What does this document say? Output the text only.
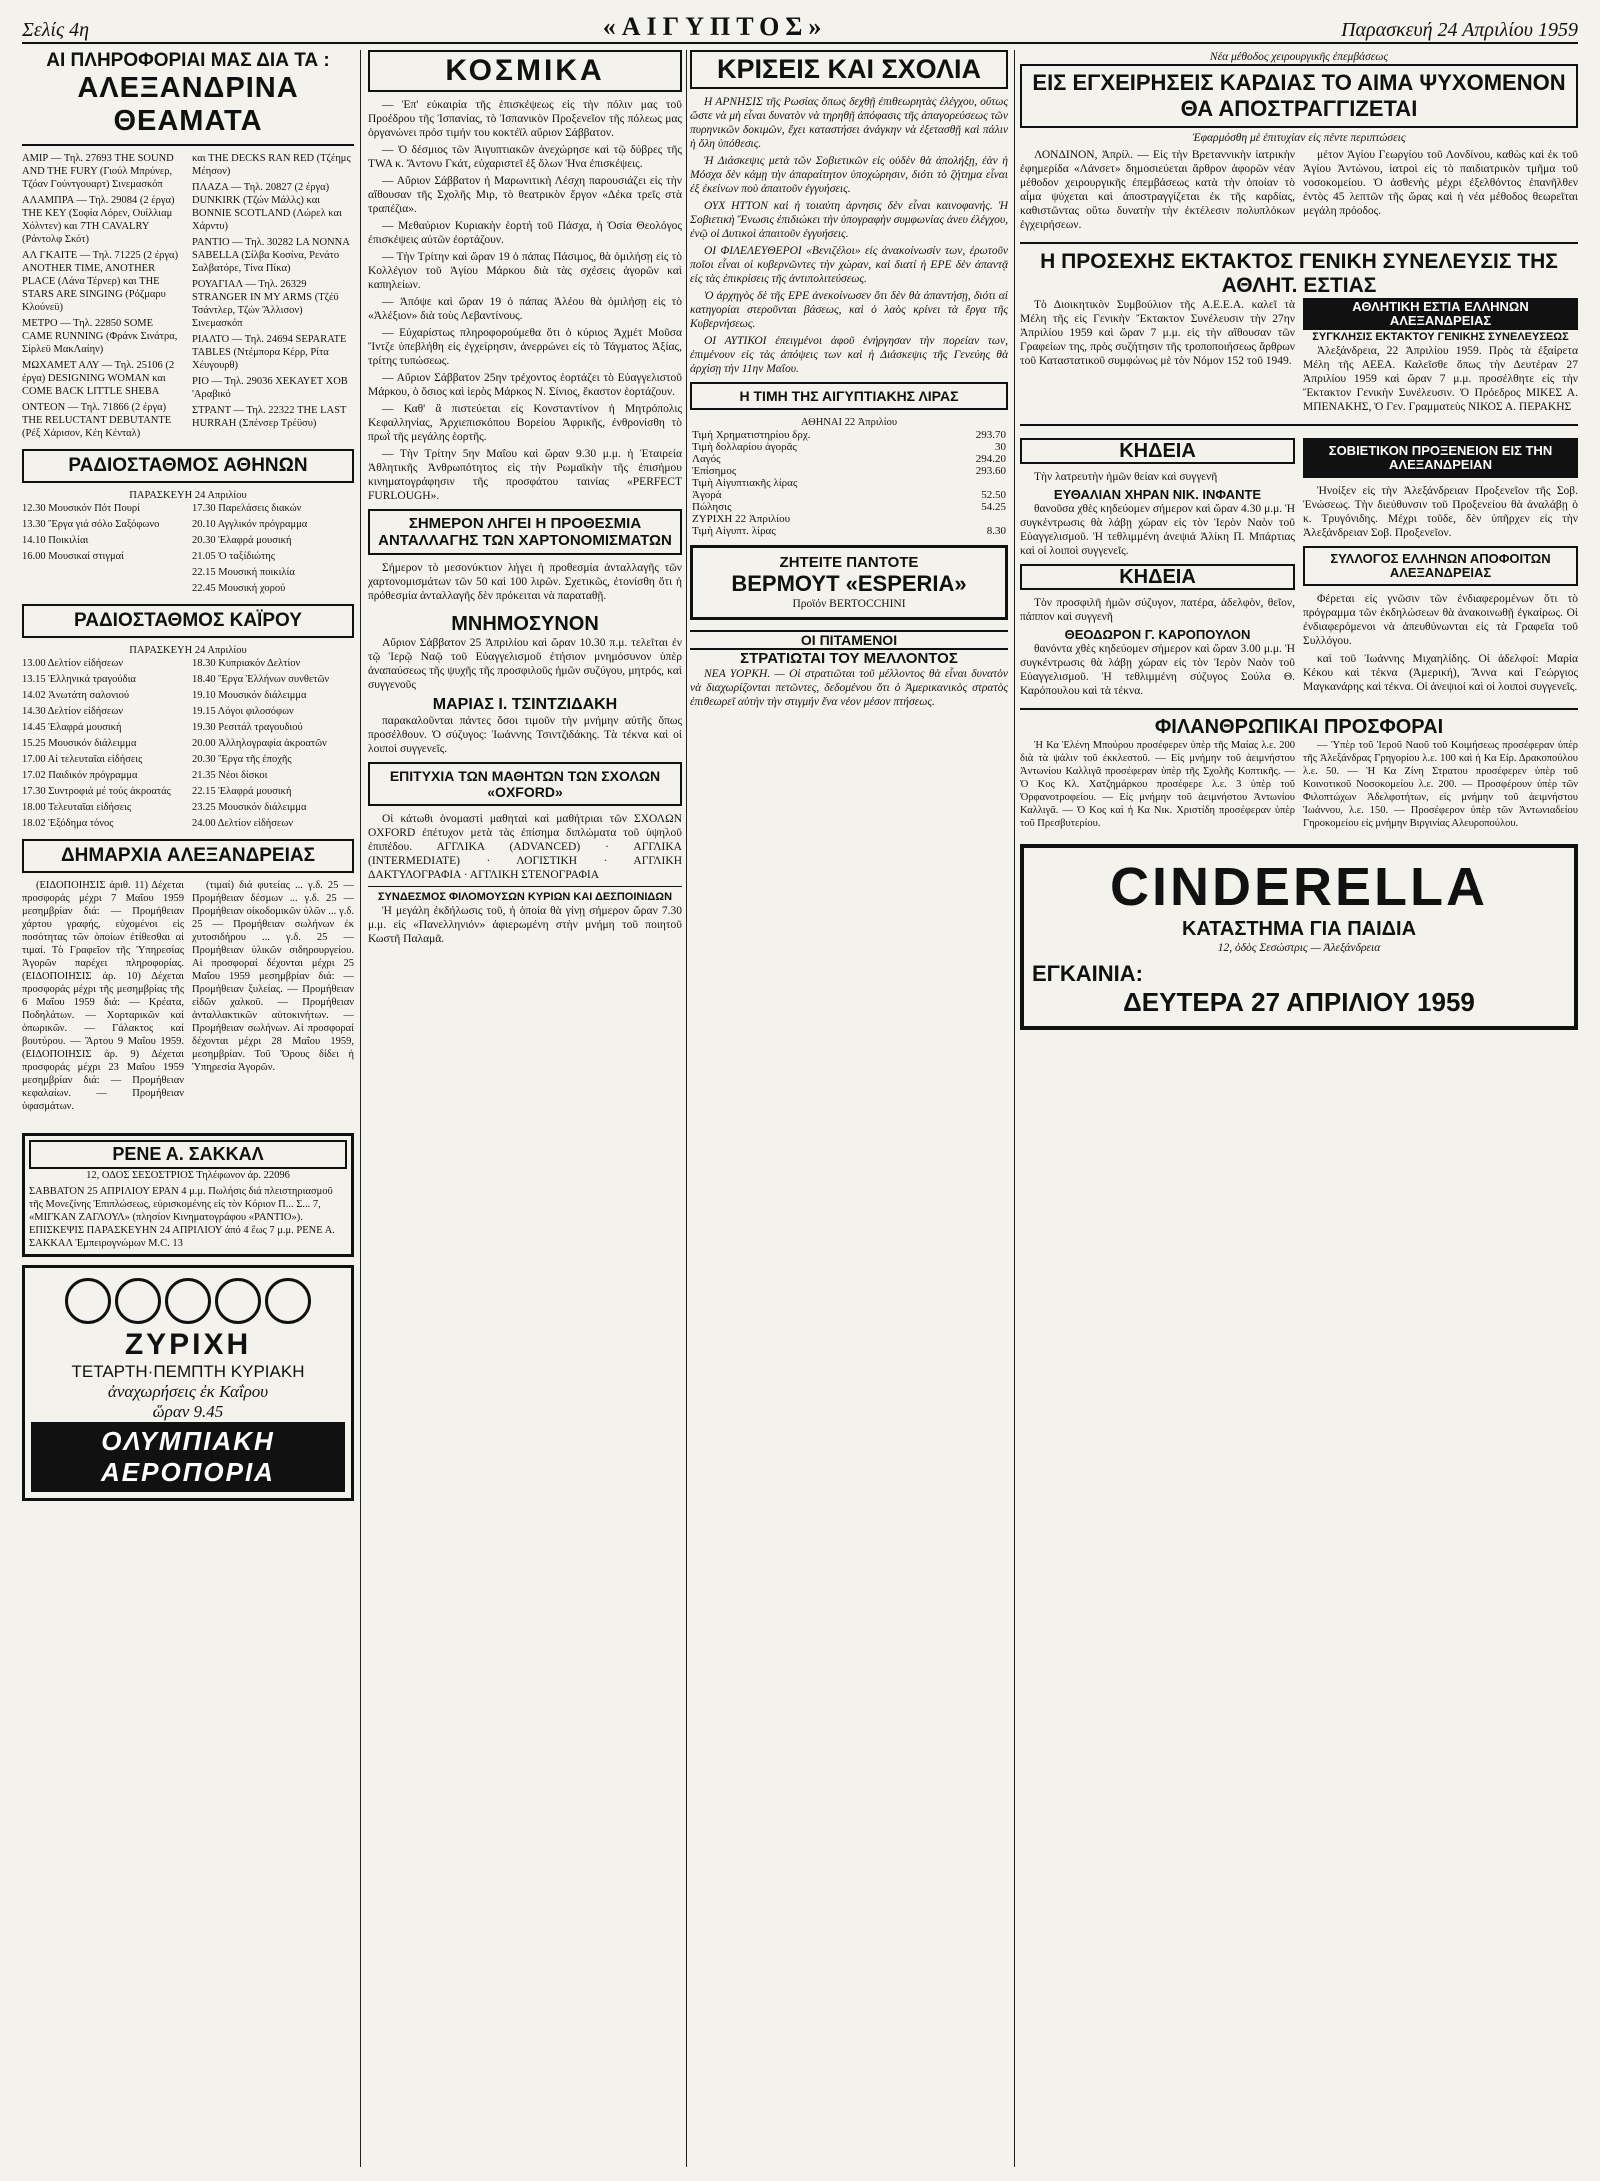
Σελίς 4η	«ΑΙΓΥΠΤΟΣ»	Παρασκευή 24 Απριλίου 1959
ΑΙ ΠΛΗΡΟΦΟΡΙΑΙ ΜΑΣ ΔΙΑ ΤΑ :
ΑΛΕΞΑΝΔΡΙΝΑ ΘΕΑΜΑΤΑ
ΑΜΙΡ — Τηλ. 27693 THE SOUND AND THE FURY (Γιούλ Μπρύνερ, Τζόαν Γούντγουαρτ) Σινεμασκόπ
ΑΛΑΜΠΡΑ — Τηλ. 29084 (2 έργα) THE KEY (Σοφία Λόρεν, Ουίλλιαμ Χόλντεν) και 7TH CAVALRY (Ράντολφ Σκότ)
ΑΛ ΓΚΑΙΤΕ — Τηλ. 71225 (2 έργα) ANOTHER TIME, ANOTHER PLACE (Λάνα Τέρνερ) και THE STARS ARE SINGING (Ρόζμαρυ Κλούνεϋ)
ΜΕΤΡΟ — Τηλ. 22850 SOME CAME RUNNING (Φράνκ Σινάτρα, Σίρλεϋ ΜακΛαίην)
ΜΩΧΑΜΕΤ ΑΛΥ — Τηλ. 25106 (2 έργα) DESIGNING WOMAN και COME BACK LITTLE SHEBA
ΟΝΤΕΟΝ — Τηλ. 71866 (2 έργα) THE RELUCTANT DEBUTANTE (Ρέξ Χάρισον, Κέη Κένταλ)
και THE DECKS RAN RED (Τζέημς Μέησον)
ΠΛΑΖΑ — Τηλ. 20827 (2 έργα) DUNKIRK (Τζών Μάλλς) και BONNIE SCOTLAND (Λώρελ και Χάρντυ)
ΡΑΝΤΙΟ — Τηλ. 30282 LA NONNA SABELLA (Σίλβα Κοσίνα, Ρενάτο Σαλβατόρε, Τίνα Πίκα)
ΡΟΥΑΓΙΑΛ — Τηλ. 26329 STRANGER IN MY ARMS (Τζέϋ Τσάντλερ, Τζών Ἄλλισον) Σινεμασκόπ
ΡΙΑΛΤΟ — Τηλ. 24694 SEPARATE TABLES (Ντέμπορα Κέρρ, Ρίτα Χέυγουρθ)
ΡΙΟ — Τηλ. 29036 ΧΕΚΑΥΕΤ ΧΟΒ 'Αραβικό
ΣΤΡΑΝΤ — Τηλ. 22322 THE LAST HURRAH (Σπένσερ Τρέϋσυ)
ΡΑΔΙΟΣΤΑΘΜΟΣ ΑΘΗΝΩΝ
ΠΑΡΑΣΚΕΥΗ 24 Απριλίου
12.30 Μουσικόν Πότ Πουρί
13.30 Ἔργα γιά σόλο Σαξόφωνο
14.10 Ποικιλίαι
16.00 Μουσικαί στιγμαί
17.30 Παρελάσεις διακών
20.10 Αγγλικόν πρόγραμμα
20.30 Ἐλαφρά μουσική
21.05 Ὁ ταξίδιώτης
22.15 Μουσική ποικιλία
22.45 Μουσική χορού
ΡΑΔΙΟΣΤΑΘΜΟΣ ΚΑΪΡΟΥ
ΠΑΡΑΣΚΕΥΗ 24 Απριλίου
13.00 Δελτίον εἰδήσεων
13.15 Ἑλληνικά τραγούδια
14.02 Ἀνωτάτη σαλονιού
14.30 Δελτίον εἰδήσεων
14.45 Ἐλαφρά μουσική
15.25 Μουσικόν διάλειμμα
17.00 Αἱ τελευταῖαι εἰδήσεις
17.02 Παιδικόν πρόγραμμα
17.30 Συντροφιά μέ τούς ἀκροατάς
18.00 Τελευταῖαι εἰδήσεις
18.02 Ἐξόδημα τόνος
18.30 Κυπριακόν Δελτίον
18.40 Ἔργα Ἑλλήνων συνθετῶν
19.10 Μουσικόν διάλειμμα
19.15 Λόγοι φιλοσόφων
19.30 Ρεσιτάλ τραγουδιού
20.00 Ἀλληλογραφία ἀκροατῶν
20.30 Ἔργα τῆς ἐποχῆς
21.35 Νέοι δίσκοι
22.15 Ἐλαφρά μουσική
23.25 Μουσικόν διάλειμμα
24.00 Δελτίον εἰδήσεων
ΔΗΜΑΡΧΙΑ ΑΛΕΞΑΝΔΡΕΙΑΣ
(ΕΙΔΟΠΟΙΗΣΙΣ ἀριθ. 11) Δέχεται προσφοράς μέχρι 7 Μαΐου 1959 μεσημβρίαν διά: — Προμήθειαν χάρτου γραφής, εὐχομένοι εἰς ποσότητας τῶν ὁποίων ἐτίθεσθαι αἱ τιμαί. Τὸ Γραφεῖον τῆς Ὑπηρεσίας Ἀγορῶν παρέχει πληροφορίας. (ΕΙΔΟΠΟΙΗΣΙΣ ἀρ. 10) Δέχεται προσφοράς μέχρι τῆς μεσημβρίας τῆς 6 Μαΐου 1959 διά: — Κρέατα, Ποδηλάτων. — Χορταρικῶν καί ὀπωρικῶν. — Γάλακτος καί βουτύρου. — Ἄρτου 9 Μαΐου 1959. (ΕΙΔΟΠΟΙΗΣΙΣ ἀρ. 9) Δέχεται προσφοράς μέχρι 23 Μαΐου 1959 μεσημβρίαν διά: — Προμήθειαν κεφαλαίων. — Προμήθειαν ὑφασμάτων.
(τιμαί) διά φυτείας ... γ.δ. 25 — Προμήθειαν δέσμων ... γ.δ. 25 — Προμήθειαν οἰκοδομικῶν ὑλῶν ... γ.δ. 25 — Προμήθειαν σωλήνων ἐκ χυτοσιδήρου ... γ.δ. 25 — Προμήθειαν ὑλικῶν σιδηρουργείου. Αἱ προσφοραί δέχονται μέχρι 25 Μαΐου 1959 μεσημβρίαν διά: — Προμήθειαν ξυλείας. — Προμήθειαν εἰδῶν χαλκοῦ. — Προμήθειαν ἀνταλλακτικῶν αὐτοκινήτων. — Προμήθειαν σωλήνων. Αἱ προσφοραί δέχονται μέχρι 28 Μαΐου 1959, μεσημβρίαν. Τοῦ Ὅρους δίδει ἡ Ὑπηρεσία Ἀγορῶν.
ΡΕΝΕ Α. ΣΑΚΚΑΛ
12, ΟΔΟΣ ΣΕΣΟΣΤΡΙΟΣ Τηλέφωνον ἀρ. 22096
ΣΑΒΒΑΤΟΝ 25 ΑΠΡΙΛΙΟΥ ΕΡΑΝ 4 μ.μ. Πωλήσις διά πλειστηριασμοῦ τῆς Μονεζίνης Ἐπιπλώσεως, εὑρισκομένης εἰς τὸν Κόριον Π... Σ... 7, «ΜΙΓΚΑΝ ΖΑΓΛΟΥΛ» (πλησίον Κινηματογράφου «ΡΑΝΤΙΟ»). ΕΠΙΣΚΕΨΙΣ ΠΑΡΑΣΚΕΥΗΝ 24 ΑΠΡΙΛΙΟΥ ἀπό 4 ἕως 7 μ.μ. ΡΕΝΕ Α. ΣΑΚΚΑΛ Ἐμπειρογνώμων Μ.C. 13
ΖΥΡΙΧΗ
ΤΕΤΑΡΤΗ·ΠΕΜΠΤΗ ΚΥΡΙΑΚΗ
ἀναχωρήσεις ἐκ Καΐρου
ὥραν 9.45
ΟΛΥΜΠΙΑΚΗ ΑΕΡΟΠΟΡΙΑ
ΚΟΣΜΙΚΑ
— Ἐπ' εὐκαιρία τῆς ἐπισκέψεως εἰς τὴν πόλιν μας τοῦ Προέδρου τῆς Ἰσπανίας, τὸ Ἰσπανικὸν Προξενεῖον τῆς πόλεως μας ὀργανώνει πρόσ τιμήν του κοκτέϊλ αὔριον Σάββατον.
— Ὁ δέσμιος τῶν Ἀιγυπτιακῶν ἀνεχώρησε καὶ τῷ δύβρες τῆς TWA κ. Ἄντονυ Γκάτ, εὐχαριστεῖ ἐξ ὅλων Ἡνα ἐπισκέψεις.
— Αὔριον Σάββατον ἡ Μαρωνιτικὴ Λέσχη παρουσιάζει εἰς τὴν αἴθουσαν τῆς Σχολῆς Μιρ, τὸ θεατρικὸν ἔργον «Δέκα τρεῖς στὰ τραπέζια».
— Μεθαύριον Κυριακὴν ἑορτή τοῦ Πάσχα, ἡ Ὁσία Θεολόγος ἐπισκέψεις αὐτῶν ἐορτάζουν.
— Τὴν Τρίτην καὶ ὥραν 19 ὁ πάπας Πάσιμος, θὰ ὁμιλήσῃ εἰς τὸ Κολλέγιον τοῦ Ἁγίου Μάρκου διὰ τὰς σχέσεις ἀγορῶν καὶ καπηλείων.
— Ἀπόψε καὶ ὥραν 19 ὁ πάπας Ἀλέου θὰ ὁμιλήσῃ εἰς τὸ «Ἀλέξιον» διὰ τοὺς Λεβαντίνους.
— Εὐχαρίστως πληροφορούμεθα ὅτι ὁ κύριος Ἀχμέτ Μοῦσα Ἴντζε ὑπεβλήθη εἰς ἐγχείρησιν, ἀνερρώνει εἰς τὸ Τάγματος Ἀξίας, τρίτης τυπώσεως.
— Αὔριον Σάββατον 25ην τρέχοντος ἑορτάζει τὸ Εὐαγγελιστοῦ Μάρκου, ὁ ὅσιος καὶ ἱερὸς Μάρκος Ν. Σίνιος, ἕκαστον ἑορτάζουν.
— Καθ' ἃ πιστεύεται εἰς Κονσταντίνον ἡ Μητρόπολις Κεφαλληνίας, Ἀρχιεπισκόπου Βορείου Ἀφρικῆς, ἐνθρονίσθη τὸ πρωῒ τῆς μεγάλης ἑορτῆς.
— Τὴν Τρίτην 5ην Μαΐου καὶ ὥραν 9.30 μ.μ. ἡ Ἑταιρεία Ἀθλητικῆς Ἀνθρωπότητος εἰς τὴν Ρωμαϊκὴν τῆς ἐπισήμου κινηματογράφησιν τῆς προσφάτου ταινίας «PERFECT FURLOUGH».
ΣΗΜΕΡΟΝ ΛΗΓΕΙ Η ΠΡΟΘΕΣΜΙΑ ΑΝΤΑΛΛΑΓΗΣ ΤΩΝ ΧΑΡΤΟΝΟΜΙΣΜΑΤΩΝ
Σήμερον τὸ μεσονύκτιον λήγει ἡ προθεσμία ἀνταλλαγῆς τῶν χαρτονομισμάτων τῶν 50 καὶ 100 λιρῶν. Σχετικῶς, ἐτονίσθη ὅτι ἡ πρόθεσμία ἀνταλλαγῆς δὲν πρόκειται νὰ παραταθῇ.
ΜΝΗΜΟΣΥΝΟΝ
Αὔριον Σάββατον 25 Ἀπριλίου καὶ ὥραν 10.30 π.μ. τελεῖται ἐν τῷ Ἱερῷ Ναῷ τοῦ Εὐαγγελισμοῦ ἐτήσιον μνημόσυνον ὑπὲρ ἀναπαύσεως τῆς ψυχῆς τῆς προσφιλοῦς ἡμῶν συζύγου, μητρός, καὶ συγγενοῦς
ΜΑΡΙΑΣ Ι. ΤΣΙΝΤΖΙΔΑΚΗ
παρακαλοῦνται πάντες ὅσοι τιμοῦν τὴν μνήμην αὐτῆς ὅπως προσέλθουν. Ὁ σύζυγος: Ἰωάννης Τσιντζιδάκης. Τὰ τέκνα καὶ οἱ λοιποὶ συγγενεῖς.
ΕΠΙΤΥΧΙΑ ΤΩΝ ΜΑΘΗΤΩΝ ΤΩΝ ΣΧΟΛΩΝ «OXFORD»
Οἱ κάτωθι ὀνομαστὶ μαθηταὶ καὶ μαθήτριαι τῶν ΣΧΟΛΩΝ OXFORD ἐπέτυχον μετὰ τὰς ἐπίσημα διπλώματα τοῦ ὑψηλοῦ ἐπιπέδου. ΑΓΓΛΙΚΑ (ADVANCED) · ΑΓΓΛΙΚΑ (INTERMEDIATE) · ΛΟΓΙΣΤΙΚΗ · ΑΓΓΛΙΚΗ ΔΑΚΤΥΛΟΓΡΑΦΙΑ · ΑΓΓΛΙΚΗ ΣΤΕΝΟΓΡΑΦΙΑ
ΣΥΝΔΕΣΜΟΣ ΦΙΛΟΜΟΥΣΩΝ ΚΥΡΙΩΝ ΚΑΙ ΔΕΣΠΟΙΝΙΔΩΝ
Ἡ μεγάλη ἐκδήλωσις τοῦ, ἡ ὁποία θὰ γίνῃ σήμερον ὥραν 7.30 μ.μ. εἰς «Πανελληνιόν» ἀφιερωμένη στὴν μνήμη τοῦ ποιητοῦ Κωστῆ Παλαμᾶ.
ΚΡΙΣΕΙΣ ΚΑΙ ΣΧΟΛΙΑ
Η ΑΡΝΗΣΙΣ τῆς Ρωσίας ὅπως δεχθῇ ἐπιθεωρητὰς ἐλέγχου, οὕτως ὥστε νὰ μὴ εἶναι δυνατὸν νὰ τηρηθῇ ἀπόφασις τῆς ἀπαγορεύσεως τῶν πυρηνικῶν δοκιμῶν, ἔχει καταστήσει ἀνάγκην νὰ ἐξετασθῇ καὶ πάλιν ἡ ὅλη ὑπόθεσις.
Ἡ Διάσκεψις μετὰ τῶν Σοβιετικῶν εἰς οὐδὲν θὰ ἀπολήξῃ, ἐὰν ἡ Μόσχα δὲν κάμῃ τὴν ἀπαραίτητον ὑποχώρησιν, διότι τὸ ζήτημα εἶναι ἐξ ἐκείνων ποὺ ἀπαιτοῦν ἐγγυήσεις.
ΟΥΧ ΗΤΤΟΝ καὶ ἡ τοιαύτη ἀρνησις δὲν εἶναι καινοφανής. Ἡ Σοβιετικὴ Ἕνωσις ἐπιδιώκει τὴν ὑπογραφὴν συμφωνίας ἀνευ ἐλέγχου, ἐνῷ οἱ Δυτικοὶ ἀπαιτοῦν ἐγγυήσεις.
ΟΙ ΦΙΛΕΛΕΥΘΕΡΟΙ «Βενιζέλοι» εἰς ἀνακοίνωσίν των, ἐρωτοῦν ποῖοι εἶναι οἱ κυβερνῶντες τὴν χώραν, καὶ διατί ἡ ΕΡΕ δὲν ἀπαντᾷ εἰς τὰς ἐπικρίσεις τῆς ἀντιπολιτεύσεως.
Ὁ ἀρχηγὸς δὲ τῆς ΕΡΕ ἀνεκοίνωσεν ὅτι δὲν θὰ ἀπαντήσῃ, διότι αἱ κατηγορίαι στεροῦνται βάσεως, καὶ ὁ λαὸς κρίνει τὰ ἔργα τῆς Κυβερνήσεως.
ΟΙ ΑΥΤΙΚΟΙ ἐπειγμένοι ἀφοῦ ἐνήργησαν τὴν πορείαν των, ἐπιμένουν εἰς τὰς ἀπόψεις των καὶ ἡ Διάσκεψις τῆς Γενεύης θὰ ἀρχίσῃ τὴν 11ην Μαΐου.
Η ΤΙΜΗ ΤΗΣ ΑΙΓΥΠΤΙΑΚΗΣ ΛΙΡΑΣ
ΑΘΗΝΑΙ 22 Ἀπριλίου
Τιμὴ Χρηματιστηρίου δρχ.	293.70
Τιμὴ δολλαρίου ἀγορᾶς	30
Λαγός	294.20
Ἐπίσημος	293.60
Τιμὴ Αἰγυπτιακῆς λίρας	
Ἀγορά	52.50
Πώλησις	54.25
ΖΥΡΙΧΗ 22 Ἀπριλίου	
Τιμὴ Αἰγυπτ. λίρας	8.30
ΖΗΤΕΙΤΕ ΠΑΝΤΟΤΕ
ΒΕΡΜΟΥΤ «ESPERIA»
Προϊόν BERTOCCHINI
ΟΙ ΠΙΤΑΜΕΝΟΙ
ΣΤΡΑΤΙΩΤΑΙ ΤΟΥ ΜΕΛΛΟΝΤΟΣ
ΝΕΑ ΥΟΡΚΗ. — Οἱ στρατιῶται τοῦ μέλλοντος θὰ εἶναι δυνατὸν νὰ διαχωρίζονται πετῶντες, δεδομένου ὅτι ὁ Ἀμερικανικὸς στρατὸς ἐπιθεωρεῖ αὐτὴν τὴν στιγμήν ἕνα νέον μέσον πτήσεως.
Νέα μέθοδος χειρουργικῆς ἐπεμβάσεως
ΕΙΣ ΕΓΧΕΙΡΗΣΕΙΣ ΚΑΡΔΙΑΣ ΤΟ ΑΙΜΑ ΨΥΧΟΜΕΝΟΝ ΘΑ ΑΠΟΣΤΡΑΓΓΙΖΕΤΑΙ
Ἐφαρμόσθη μὲ ἐπιτυχίαν εἰς πέντε περιπτώσεις
ΛΟΝΔΙΝΟΝ, Ἀπρίλ. — Εἰς τὴν Βρεταννικὴν ἰατρικὴν ἐφημερίδα «Λάνσετ» δημοσιεύεται ἄρθρον ἀφορῶν νέαν μέθοδον χειρουργικῆς ἐπεμβάσεως κατὰ τὴν ὁποίαν τὸ αἷμα ψύχεται καὶ ἀποστραγγίζεται ἐκ τῆς καρδίας, καθιστῶντας οὕτω δυνατὴν τὴν ἐκτέλεσιν πολυπλόκων ἐγχειρήσεων.
μέτον Ἁγίου Γεωργίου τοῦ Λονδίνου, καθὼς καὶ ἐκ τοῦ Ἁγίου Ἀντώνου, ἰατροὶ εἰς τὸ παιδιατρικὸν τμῆμα τοῦ νοσοκομείου. Ὁ ἀσθενὴς μέχρι ἐξελθόντος ἐπανῆλθεν ἐντὸς 45 λεπτῶν τῆς ὥρας καὶ ἡ νέα μέθοδος θεωρεῖται μεγάλη πρόοδος.
Η ΠΡΟΣΕΧΗΣ ΕΚΤΑΚΤΟΣ ΓΕΝΙΚΗ ΣΥΝΕΛΕΥΣΙΣ ΤΗΣ ΑΘΛΗΤ. ΕΣΤΙΑΣ
Τὸ Διοικητικὸν Συμβούλιον τῆς Α.Ε.Ε.Α. καλεῖ τὰ Μέλη τῆς εἰς Γενικὴν Ἔκτακτον Συνέλευσιν τὴν 27ην Ἀπριλίου 1959 καὶ ὥραν 7 μ.μ. εἰς τὴν αἴθουσαν τῶν Γραφείων της, πρὸς συζήτησιν τῆς τροποποιήσεως ἄρθρων τοῦ Καταστατικοῦ συμφώνως μὲ τὸν Νόμον 152 τοῦ 1949.
ΑΘΛΗΤΙΚΗ ΕΣΤΙΑ ΕΛΛΗΝΩΝ ΑΛΕΞΑΝΔΡΕΙΑΣ
ΣΥΓΚΛΗΣΙΣ ΕΚΤΑΚΤΟΥ ΓΕΝΙΚΗΣ ΣΥΝΕΛΕΥΣΕΩΣ
Ἀλεξάνδρεια, 22 Ἀπριλίου 1959. Πρὸς τὰ ἐξαίρετα Μέλη τῆς ΑΕΕΑ. Καλεῖσθε ὅπως τὴν Δευτέραν 27 Ἀπριλίου 1959 καὶ ὥραν 7 μ.μ. προσέλθητε εἰς τὴν Ἔκτακτον Γενικὴν Συνέλευσιν. Ὁ Πρόεδρος ΜΙΚΕΣ Α. ΜΠΕΝΑΚΗΣ, Ὁ Γεν. Γραμματεὺς ΝΙΚΟΣ Α. ΠΕΡΑΚΗΣ
ΚΗΔΕΙΑ
Τὴν λατρευτὴν ἡμῶν θείαν καὶ συγγενῆ
ΕΥΘΑΛΙΑΝ ΧΗΡΑΝ ΝΙΚ. ΙΝΦΑΝΤΕ
θανοῦσα χθὲς κηδεύομεν σήμερον καὶ ὥραν 4.30 μ.μ. Ἡ συγκέντρωσις θὰ λάβῃ χώραν εἰς τὸν Ἱερὸν Ναὸν τοῦ Εὐαγγελισμοῦ. Ἡ τεθλιμμένη ἀνεψιά Ἀλίκη Π. Μπάρτιας καὶ οἱ λοιποὶ συγγενεῖς.
ΚΗΔΕΙΑ
Τὸν προσφιλῆ ἡμῶν σύζυγον, πατέρα, ἀδελφὸν, θεῖον, πάππον καὶ συγγενῆ
ΘΕΟΔΩΡΟΝ Γ. ΚΑΡΟΠΟΥΛΟΝ
θανόντα χθὲς κηδεύομεν σήμερον καὶ ὥραν 3.00 μ.μ. Ἡ συγκέντρωσις θὰ λάβῃ χώραν εἰς τὸν Ἱερὸν Ναὸν τοῦ Εὐαγγελισμοῦ. Ἡ τεθλιμμένη σύζυγος Σούλα Θ. Καρόπουλου καὶ τὰ τέκνα.
ΣΟΒΙΕΤΙΚΟΝ ΠΡΟΞΕΝΕΙΟΝ ΕΙΣ ΤΗΝ ΑΛΕΞΑΝΔΡΕΙΑΝ
Ἠνοίξεν εἰς τὴν Ἀλεξάνδρειαν Προξενεῖον τῆς Σοβ. Ἑνώσεως. Τὴν διεύθυνσιν τοῦ Προξενείου θὰ ἀναλάβῃ ὁ κ. Τρυγόνιδης. Μέχρι τοῦδε, δὲν ὑπῆρχεν εἰς τὴν Ἀλεξάνδρειαν Σοβ. Προξενεῖον.
ΣΥΛΛΟΓΟΣ ΕΛΛΗΝΩΝ ΑΠΟΦΟΙΤΩΝ ΑΛΕΞΑΝΔΡΕΙΑΣ
Φέρεται εἰς γνῶσιν τῶν ἐνδιαφερομένων ὅτι τὸ πρόγραμμα τῶν ἐκδηλώσεων θὰ ἀνακοινωθῇ ἐγκαίρως. Οἱ ἐνδιαφερόμενοι νὰ ἀπευθύνωνται εἰς τὰ Γραφεῖα τοῦ Συλλόγου.
καὶ τοῦ Ἰωάννης Μιχαηλίδης. Οἱ ἀδελφοί: Μαρία Κέκου καὶ τέκνα (Ἀμερική), Ἄννα καὶ Γεώργιος Μαγκανάρης καὶ τέκνα. Οἱ ἀνεψιοί καὶ οἱ λοιποὶ συγγενεῖς.
ΦΙΛΑΝΘΡΩΠΙΚΑΙ ΠΡΟΣΦΟΡΑΙ
Ἡ Κα Ἑλένη Μπούρου προσέφερεν ὑπὲρ τῆς Μαίας λ.ε. 200 διὰ τὰ ψάλιν τοῦ ἐκκλεστοῦ. — Εἰς μνήμην τοῦ ἀειμνήστου Ἀντωνίου Καλλιγᾶ προσέφεραν ὑπὲρ τῆς Σχολῆς Κοπτικῆς. — Ὁ Κος Κλ. Χατζημάρκου προσέφερε λ.ε. 3 ὑπὲρ τοῦ Ὀρφανοτροφείου. — Εἰς μνήμην τοῦ ἀειμνήστου Ἀντωνίου Καλλιγᾶ. — Ὁ Κος καὶ ἡ Κα Νικ. Χριστίδη προσέφεραν ὑπὲρ τοῦ Πρεσβυτερίου.
— Ὑπὲρ τοῦ Ἱεροῦ Ναοῦ τοῦ Κοιμήσεως προσέφεραν ὑπὲρ τῆς Ἀλεξάνδρας Γρηγορίου λ.ε. 100 καὶ ἡ Κα Εἰρ. Δρακοπούλου λ.ε. 50. — Ἡ Κα Ζίνη Στρατου προσέφερεν ὑπὲρ τοῦ Κοινοτικοῦ Νοσοκομείου λ.ε. 200. — Προσφέρουν ὑπὲρ τῶν Φιλοπτώχων Ἀδελφοτήτων, εἰς μνήμην τοῦ ἀειμνήστου Ἰωάννου, λ.ε. 150. — Προσέφερον ὑπὲρ τῶν Ἀντωνιαδείου Γηροκομείου εἰς μνήμην Βιργινίας Αλευροπούλου.
CINDERELLA
ΚΑΤΑΣΤΗΜΑ ΓΙΑ ΠΑΙΔΙΑ
12, ὁδὸς Σεσώστρις — Ἀλεξάνδρεια
ΕΓΚΑΙΝΙΑ:
ΔΕΥΤΕΡΑ 27 ΑΠΡΙΛΙΟΥ 1959
